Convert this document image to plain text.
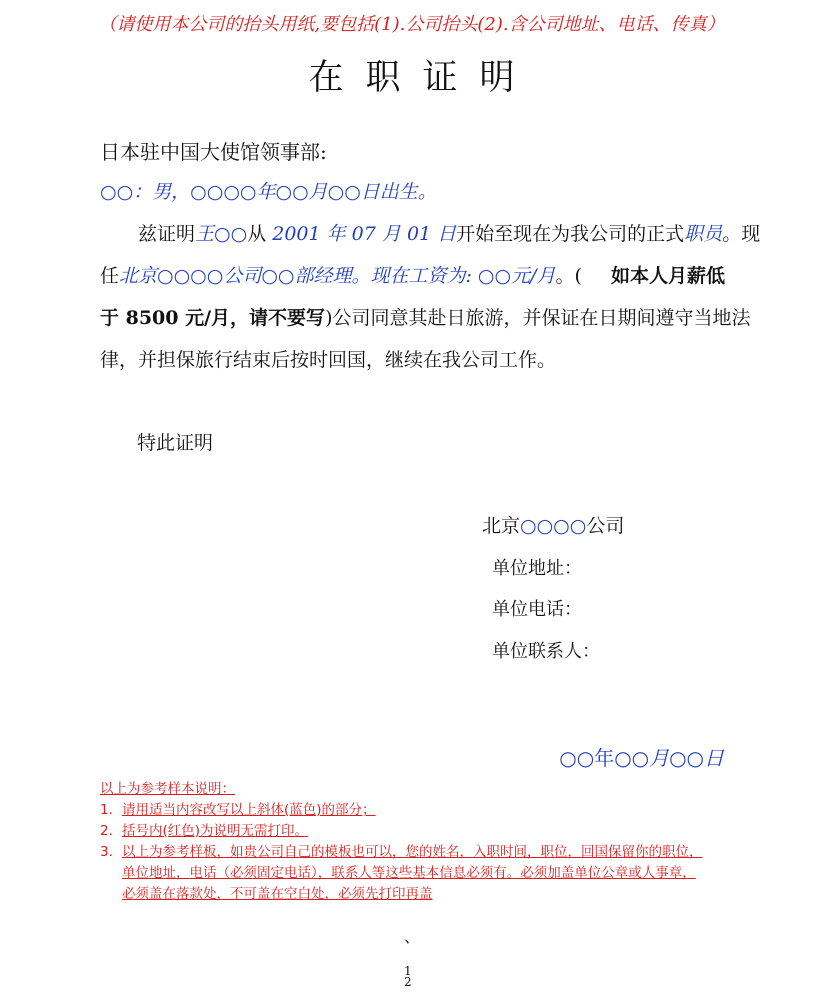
（请使用本公司的抬头用纸,要包括(1).公司抬头(2).含公司地址、电话、传真）
在职证明
日本驻中国大使馆领事部:
○○：男，○○○○年○○月○○日出生。
兹证明王○○从 2001 年 07 月 01 日开始至现在为我公司的正式职员。现
任北京○○○○公司○○部经理。现在工资为: ○○元/月。( 如本人月薪低
于 8500 元/月，请不要写 )公司同意其赴日旅游，并保证在日期间遵守当地法
律，并担保旅行结束后按时回国，继续在我公司工作。
特此证明
北京○○○○公司
单位地址：
单位电话：
单位联系人：
○○年○○月○○日
以上为参考样本说明：
1. 请用适当内容改写以上斜体(蓝色)的部分；
2. 括号内(红色)为说明无需打印。
3. 以上为参考样板，如贵公司自己的模板也可以，您的姓名，入职时间，职位，回国保留你的职位，
单位地址，电话（必须固定电话），联系人等这些基本信息必须有。必须加盖单位公章或人事章，
必须盖在落款处，不可盖在空白处，必须先打印再盖
、
1
2
